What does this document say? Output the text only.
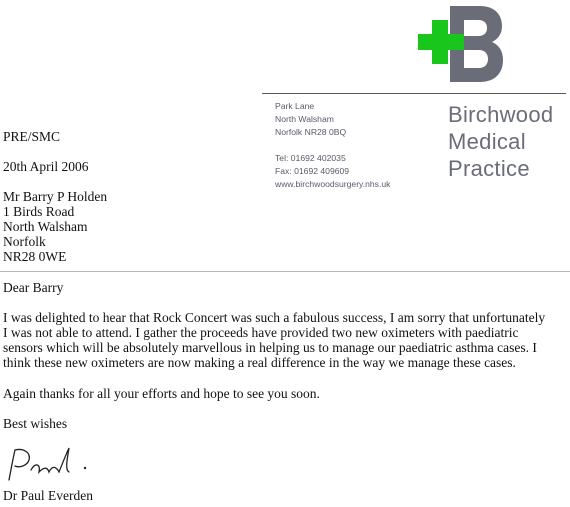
Park Lane
North Walsham
Norfolk NR28 0BQ
Tel: 01692 402035
Fax: 01692 409609
www.birchwoodsurgery.nhs.uk
Birchwood
Medical
Practice
PRE/SMC
20th April 2006
Mr Barry P Holden
1 Birds Road
North Walsham
Norfolk
NR28 0WE
Dear Barry
I was delighted to hear that Rock Concert was such a fabulous success, I am sorry that unfortunately
I was not able to attend. I gather the proceeds have provided two new oximeters with paediatric
sensors which will be absolutely marvellous in helping us to manage our paediatric asthma cases. I
think these new oximeters are now making a real difference in the way we manage these cases.
Again thanks for all your efforts and hope to see you soon.
Best wishes
Dr Paul Everden
